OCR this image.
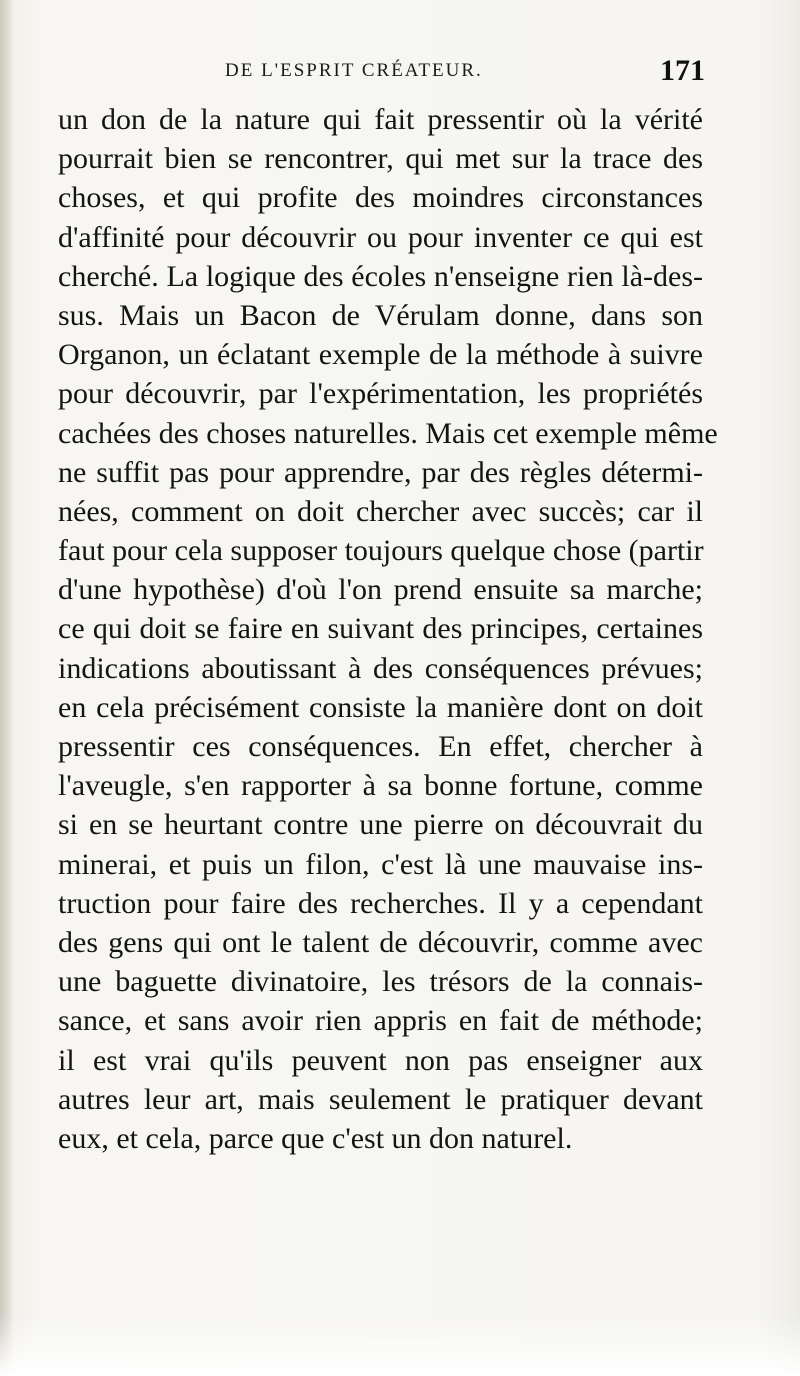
DE L'ESPRIT CRÉATEUR.	171
un don de la nature qui fait pressentir où la vérité
pourrait bien se rencontrer, qui met sur la trace des
choses, et qui profite des moindres circonstances
d'affinité pour découvrir ou pour inventer ce qui est
cherché. La logique des écoles n'enseigne rien là-des-
sus. Mais un Bacon de Vérulam donne, dans son
Organon, un éclatant exemple de la méthode à suivre
pour découvrir, par l'expérimentation, les propriétés
cachées des choses naturelles. Mais cet exemple même
ne suffit pas pour apprendre, par des règles détermi-
nées, comment on doit chercher avec succès; car il
faut pour cela supposer toujours quelque chose (partir
d'une hypothèse) d'où l'on prend ensuite sa marche;
ce qui doit se faire en suivant des principes, certaines
indications aboutissant à des conséquences prévues;
en cela précisément consiste la manière dont on doit
pressentir ces conséquences. En effet, chercher à
l'aveugle, s'en rapporter à sa bonne fortune, comme
si en se heurtant contre une pierre on découvrait du
minerai, et puis un filon, c'est là une mauvaise ins-
truction pour faire des recherches. Il y a cependant
des gens qui ont le talent de découvrir, comme avec
une baguette divinatoire, les trésors de la connais-
sance, et sans avoir rien appris en fait de méthode;
il est vrai qu'ils peuvent non pas enseigner aux
autres leur art, mais seulement le pratiquer devant
eux, et cela, parce que c'est un don naturel.
